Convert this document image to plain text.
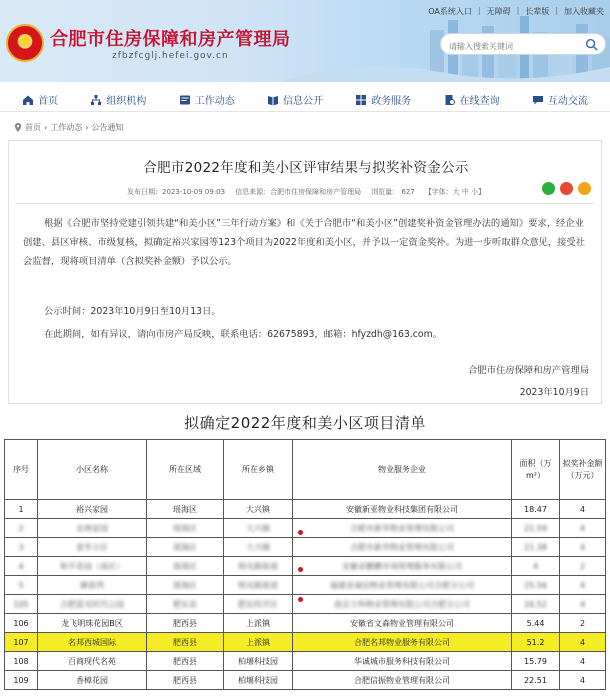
★
合肥市住房保障和房产管理局
zfbzfcglj.hefei.gov.cn
OA系统入口 | 无障碍 | 长辈版 | 加入收藏夹
请输入搜索关键词
首页	组织机构	工作动态	信息公开	政务服务	在线查询	互动交流
首页 › 工作动态 › 公告通知
合肥市2022年度和美小区评审结果与拟奖补资金公示
发布日期：2023-10-09 09:03 信息来源：合肥市住房保障和房产管理局 浏览量： 627 【字体：大 中 小】
根据《合肥市坚持党建引领共建“和美小区”三年行动方案》和《关于合肥市“和美小区”创建奖补资金管理办法的通知》要求，经企业创建、县区审核、市级复核，拟确定裕兴家园等123个项目为2022年度和美小区，并予以一定资金奖补。为进一步听取群众意见，接受社会监督，现将项目清单（含拟奖补金额）予以公示。
公示时间：2023年10月9日至10月13日。
在此期间，如有异议，请向市房产局反映，联系电话：62675893，邮箱：hfyzdh@163.com。
合肥市住房保障和房产管理局
2023年10月9日
拟确定2022年度和美小区项目清单
序号	小区名称	所在区域	所在乡镇	物业服务企业	面积（万m²）	拟奖补金额（万元）
1	裕兴家园	瑶海区	大兴镇	安徽新亚物业科技集团有限公司	18.47	4
2	北林家园	瑶海区	大兴镇	合肥市新华物业管理有限公司	21.59	4
3	景华小区	瑶海区	大兴镇	合肥市新华物业管理有限公司	21.38	4
4	和平花园（南区）	瑶海区	明光路街道	安徽省鹏鹏市场管理服务有限公司	4	2
5	御景湾	瑶海区	明光路街道	福建省诚信物业管理有限公司合肥分公司	25.56	4
105	合肥蓝光时代公园	肥东县	肥东经开区	南京万科物业管理有限公司合肥分公司	16.52	4
106	龙飞明珠花园B区	肥西县	上派镇	安徽省文森物业管理有限公司	5.44	2
107	名邦西城国际	肥西县	上派镇	合肥名邦物业服务有限公司	51.2	4
108	百商现代名苑	肥西县	柏堰科技园	华诚城市服务科技有限公司	15.79	4
109	香樟花园	肥西县	柏堰科技园	合肥信振物业管理有限公司	22.51	4
